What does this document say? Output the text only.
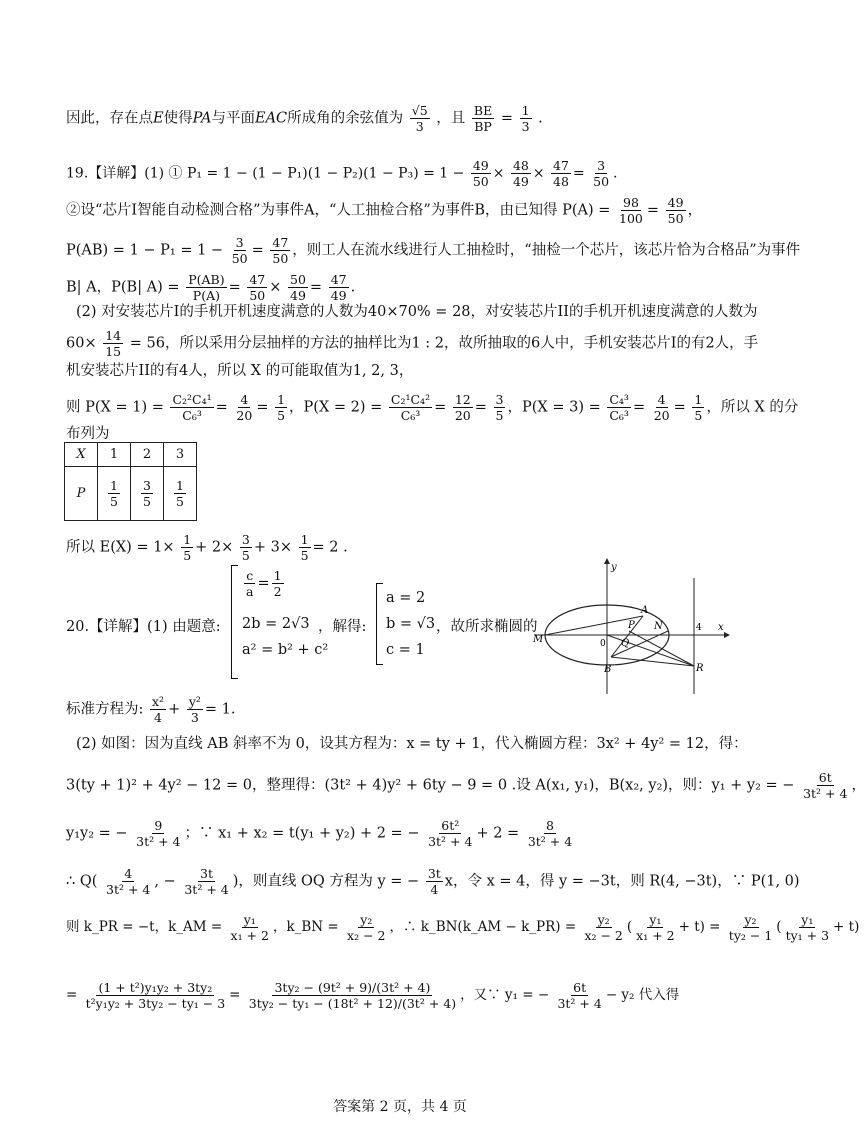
因此，存在点E使得PA与平面EAC所成角的余弦值为 $\frac{√5}{3}$ ，且 $\frac{BE}{BP} = \frac{1}{3}$ .
19.【详解】(1) ① $P_1 = 1 - (1 - P_1)(1 - P_2)(1 - P_3) = 1 - \frac{49}{50} \times \frac{48}{49} \times \frac{47}{48} = \frac{3}{50}$ .
②设“芯片I智能自动检测合格”为事件A，“人工抽检合格”为事件B，由已知得 $P(A) = \frac{98}{100} = \frac{49}{50}$ ，
$P(AB) = 1 - P_1 = 1 - \frac{3}{50} = \frac{47}{50}$ ，则工人在流水线进行人工抽检时，“抽检一个芯片，该芯片恰为合格品”为事件
B| A，P(B| $A) = \frac{P(AB)}{P(A)} = \frac{47}{50} \times \frac{50}{49} = \frac{47}{49}$ .
(2) 对安装芯片I的手机开机速度满意的人数为40×70% = 28，对安装芯片II的手机开机速度满意的人数为
$60\times \frac{14}{15} = 56$，所以采用分层抽样的方法的抽样比为1 : 2，故所抽取的6人中，手机安装芯片I的有2人，手
机安装芯片II的有4人，所以 X 的可能取值为1, 2, 3，
则 $P(X = 1) = \frac{\text{C₂²C₄¹}}{\text{C₆³}} = \frac{4}{20} = \frac{1}{5}$ ，$P(X = 2) = \frac{\text{C₂¹C₄²}}{\text{C₆³}} = \frac{12}{20} = \frac{3}{5}$ ，$P(X = 3) = \frac{\text{C₄³}}{\text{C₆³}} = \frac{4}{20} = \frac{1}{5}$ ，所以 X 的分
布列为
X	1	2	3
P	$\frac{1}{5}$	$\frac{3}{5}$	$\frac{1}{5}$
所以 $E(X) = 1\times \frac{1}{5} + 2\times \frac{3}{5} + 3\times \frac{1}{5} = 2$ .
20.【详解】(1) 由题意:
$\frac{c}{a} = \frac{1}{2}$
2b = 2√3
a² = b² + c²
，解得:
a = 2
b = √3
c = 1
，故所求椭圆的
y
x
M	0
A
P N	4
Q
B	R
标准方程为: $\frac{\text{x²}}{4} + \frac{\text{y²}}{3} = 1$.
(2) 如图：因为直线 AB 斜率不为 0，设其方程为：x = ty + 1，代入椭圆方程：3x² + 4y² = 12，得：
3(ty + 1)² + 4y² − 12 = 0，整理得：(3t² + 4)y² + 6ty − 9 = 0 .设 A(x₁, y₁)，B(x₂, y₂)，则：y₁ + y₂ = − $\frac{6t}{\text{3t² + 4}}$ ，
y₁y₂ = − $\frac{9}{\text{3t² + 4}}$ ；∵ x₁ + x₂ = t(y₁ + y₂) + 2 = − $\frac{\text{6t²}}{\text{3t² + 4}} + 2 = \frac{8}{\text{3t² + 4}}$
∴ $Q( \frac{4}{\text{3t² + 4}}$ , − $\frac{3t}{\text{3t² + 4}}$ )，则直线 OQ 方程为 y = − $\frac{3t}{4}$ x，令 x = 4，得 y = −3t，则 R(4, −3t)，∵ P(1, 0)
则 k_PR = −t，k_AM = $\frac{\text{y₁}}{\text{x₁ + 2}}$ ，k_BN = $\frac{\text{y₂}}{\text{x₂ − 2}}$ ，∴ k_BN(k_AM − k_PR) = $\frac{\text{y₂}}{\text{x₂ − 2}}$ ( $\frac{\text{y₁}}{\text{x₁ + 2}} + t) = \frac{\text{y₂}}{\text{ty₂ − 1}}$ ( $\frac{\text{y₁}}{\text{ty₁ + 3}} + t$)
= $\frac{\text{(1 + t²)y₁y₂ + 3ty₂}}{\text{t²y₁y₂ + 3ty₂ − ty₁ − 3}} = \frac{\text{3ty₂ − (9t² + 9)/(3t² + 4)}}{\text{3ty₂ − ty₁ − (18t² + 12)/(3t² + 4)}}$ ，又∵ y₁ = − $\frac{6t}{\text{3t² + 4}} - y_2$ 代入得
答案第 2 页，共 4 页
